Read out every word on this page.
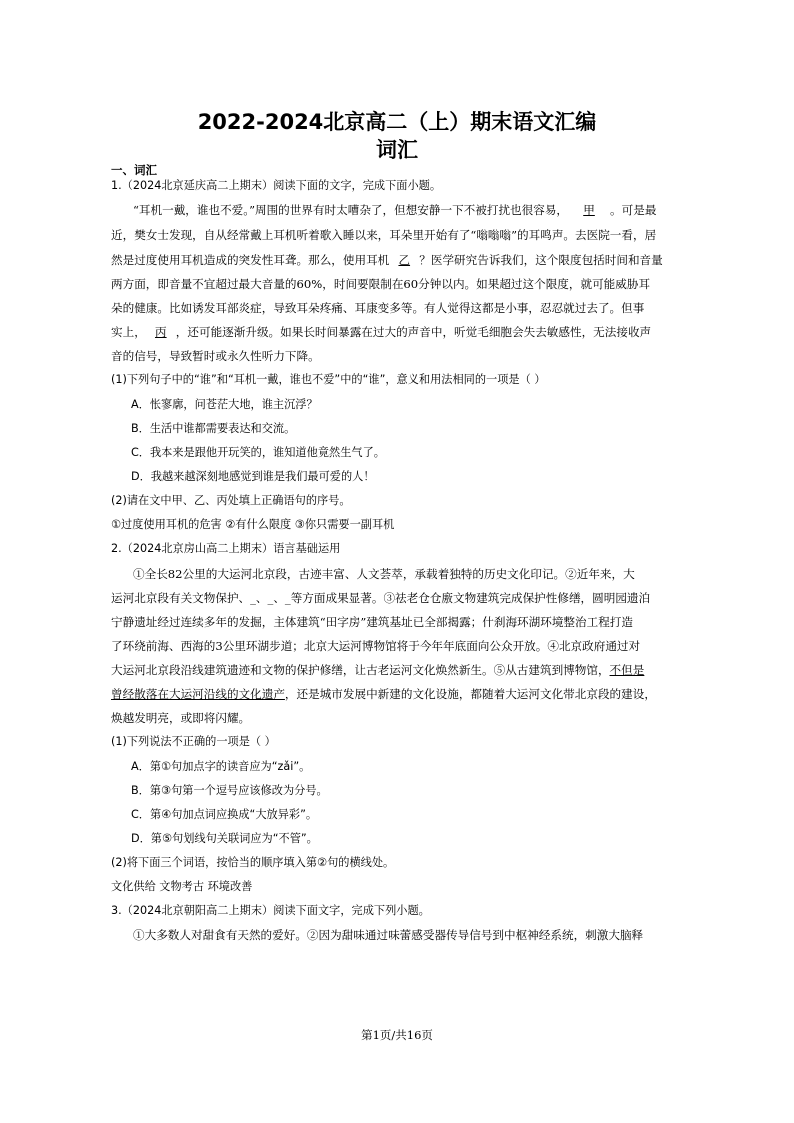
2022-2024北京高二（上）期末语文汇编
词汇
一、词汇
1.（2024北京延庆高二上期末）阅读下面的文字，完成下面小题。
“耳机一戴，谁也不爱。”周围的世界有时太嘈杂了，但想安静一下不被打扰也很容易， 甲 。可是最
近，樊女士发现，自从经常戴上耳机听着歌入睡以来，耳朵里开始有了“嗡嗡嗡”的耳鸣声。去医院一看，居
然是过度使用耳机造成的突发性耳聋。那么，使用耳机 乙 ？医学研究告诉我们，这个限度包括时间和音量
两方面，即音量不宜超过最大音量的60%，时间要限制在60分钟以内。如果超过这个限度，就可能威胁耳
朵的健康。比如诱发耳部炎症，导致耳朵疼痛、耳康变多等。有人觉得这都是小事，忍忍就过去了。但事
实上， 丙 ，还可能逐渐升级。如果长时间暴露在过大的声音中，听觉毛细胞会失去敏感性，无法接收声
音的信号，导致暂时或永久性听力下降。
(1)下列句子中的“谁”和“耳机一戴，谁也不爱”中的“谁”，意义和用法相同的一项是（ ）
A．怅寥廓，问苍茫大地，谁主沉浮？
B．生活中谁都需要表达和交流。
C．我本来是跟他开玩笑的，谁知道他竟然生气了。
D．我越来越深刻地感觉到谁是我们最可爱的人！
(2)请在文中甲、乙、丙处填上正确语句的序号。
①过度使用耳机的危害 ②有什么限度 ③你只需要一副耳机
2.（2024北京房山高二上期末）语言基础运用
①全长82公里的大运河北京段，古迹丰富、人文荟萃，承载着独特的历史文化印记。②近年来，大
运河北京段有关文物保护、_、_、_等方面成果显著。③祛老仓仓廒文物建筑完成保护性修缮，圆明园遗泊
宁静遗址经过连续多年的发掘，主体建筑“田字房”建筑基址已全部揭露；什刹海环湖环境整治工程打造
了环绕前海、西海的3公里环湖步道；北京大运河博物馆将于今年年底面向公众开放。④北京政府通过对
大运河北京段沿线建筑遗迹和文物的保护修缮，让古老运河文化焕然新生。⑤从古建筑到博物馆，不但是
曾经散落在大运河沿线的文化遗产，还是城市发展中新建的文化设施，都随着大运河文化带北京段的建设，
焕越发明亮，或即将闪耀。
(1)下列说法不正确的一项是（ ）
A．第①句加点字的读音应为“zǎi”。
B．第③句第一个逗号应该修改为分号。
C．第④句加点词应换成“大放异彩”。
D．第⑤句划线句关联词应为“不管”。
(2)将下面三个词语，按恰当的顺序填入第②句的横线处。
文化供给 文物考古 环境改善
3.（2024北京朝阳高二上期末）阅读下面文字，完成下列小题。
①大多数人对甜食有天然的爱好。②因为甜味通过味蕾感受器传导信号到中枢神经系统，刺激大脑释
第1页/共16页
